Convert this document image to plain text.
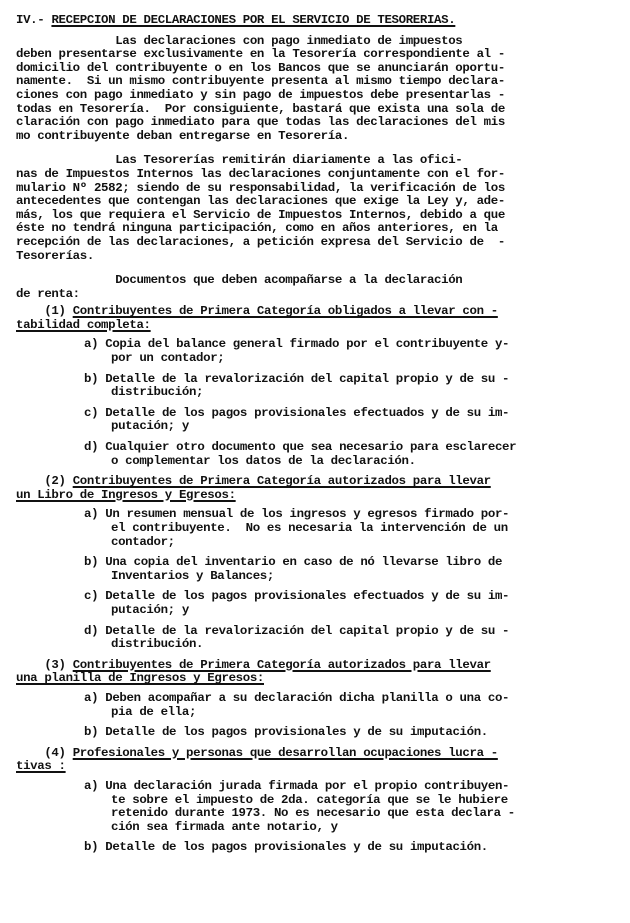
IV.- RECEPCION DE DECLARACIONES POR EL SERVICIO DE TESORERIAS.
Las declaraciones con pago inmediato de impuestos
deben presentarse exclusivamente en la Tesorería correspondiente al -
domicilio del contribuyente o en los Bancos que se anunciarán oportu-
namente.  Si un mismo contribuyente presenta al mismo tiempo declara-
ciones con pago inmediato y sin pago de impuestos debe presentarlas -
todas en Tesorería.  Por consiguiente, bastará que exista una sola de
claración con pago inmediato para que todas las declaraciones del mis
mo contribuyente deban entregarse en Tesorería.
Las Tesorerías remitirán diariamente a las ofici-
nas de Impuestos Internos las declaraciones conjuntamente con el for-
mulario Nº 2582; siendo de su responsabilidad, la verificación de los
antecedentes que contengan las declaraciones que exige la Ley y, ade-
más, los que requiera el Servicio de Impuestos Internos, debido a que
éste no tendrá ninguna participación, como en años anteriores, en la
recepción de las declaraciones, a petición expresa del Servicio de  -
Tesorerías.
Documentos que deben acompañarse a la declaración
de renta:
(1) Contribuyentes de Primera Categoría obligados a llevar con -
tabilidad completa:
a) Copia del balance general firmado por el contribuyente y-
por un contador;
b) Detalle de la revalorización del capital propio y de su -
distribución;
c) Detalle de los pagos provisionales efectuados y de su im-
putación; y
d) Cualquier otro documento que sea necesario para esclarecer
o complementar los datos de la declaración.
(2) Contribuyentes de Primera Categoría autorizados para llevar
un Libro de Ingresos y Egresos:
a) Un resumen mensual de los ingresos y egresos firmado por-
el contribuyente.  No es necesaria la intervención de un
contador;
b) Una copia del inventario en caso de nó llevarse libro de
Inventarios y Balances;
c) Detalle de los pagos provisionales efectuados y de su im-
putación; y
d) Detalle de la revalorización del capital propio y de su -
distribución.
(3) Contribuyentes de Primera Categoría autorizados para llevar
una planilla de Ingresos y Egresos:
a) Deben acompañar a su declaración dicha planilla o una co-
pia de ella;
b) Detalle de los pagos provisionales y de su imputación.
(4) Profesionales y personas que desarrollan ocupaciones lucra -
tivas :
a) Una declaración jurada firmada por el propio contribuyen-
te sobre el impuesto de 2da. categoría que se le hubiere
retenido durante 1973. No es necesario que esta declara -
ción sea firmada ante notario, y
b) Detalle de los pagos provisionales y de su imputación.
